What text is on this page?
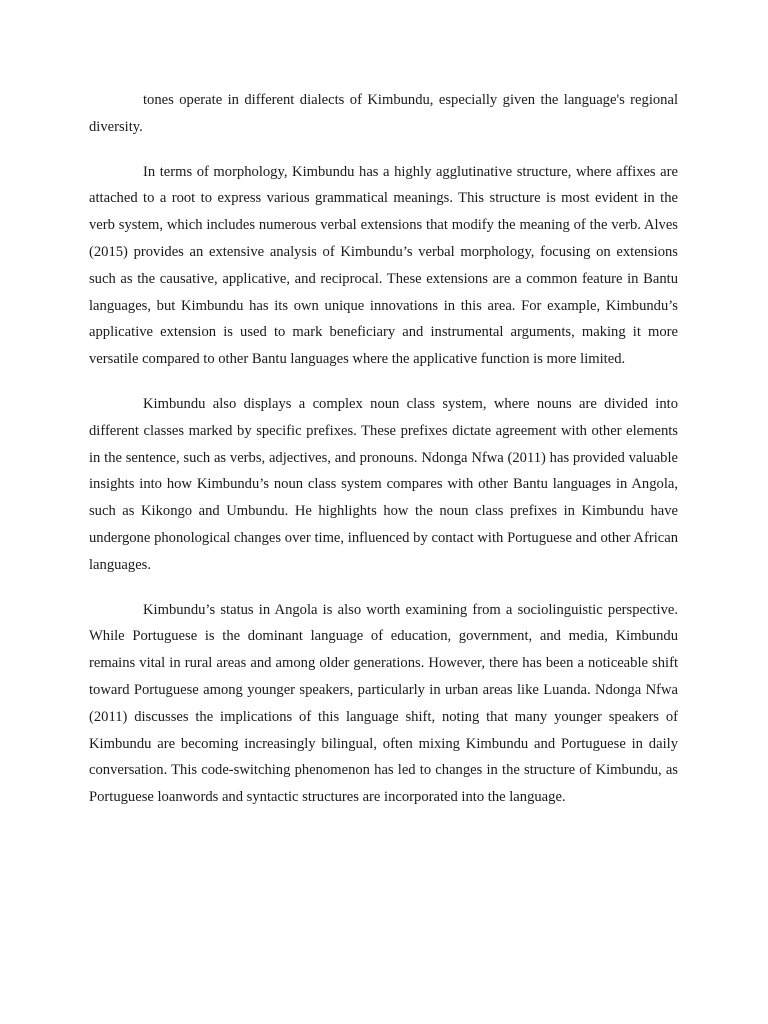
tones operate in different dialects of Kimbundu, especially given the language's regional diversity.

In terms of morphology, Kimbundu has a highly agglutinative structure, where affixes are attached to a root to express various grammatical meanings. This structure is most evident in the verb system, which includes numerous verbal extensions that modify the meaning of the verb. Alves (2015) provides an extensive analysis of Kimbundu’s verbal morphology, focusing on extensions such as the causative, applicative, and reciprocal. These extensions are a common feature in Bantu languages, but Kimbundu has its own unique innovations in this area. For example, Kimbundu’s applicative extension is used to mark beneficiary and instrumental arguments, making it more versatile compared to other Bantu languages where the applicative function is more limited.

Kimbundu also displays a complex noun class system, where nouns are divided into different classes marked by specific prefixes. These prefixes dictate agreement with other elements in the sentence, such as verbs, adjectives, and pronouns. Ndonga Nfwa (2011) has provided valuable insights into how Kimbundu’s noun class system compares with other Bantu languages in Angola, such as Kikongo and Umbundu. He highlights how the noun class prefixes in Kimbundu have undergone phonological changes over time, influenced by contact with Portuguese and other African languages.

Kimbundu’s status in Angola is also worth examining from a sociolinguistic perspective. While Portuguese is the dominant language of education, government, and media, Kimbundu remains vital in rural areas and among older generations. However, there has been a noticeable shift toward Portuguese among younger speakers, particularly in urban areas like Luanda. Ndonga Nfwa (2011) discusses the implications of this language shift, noting that many younger speakers of Kimbundu are becoming increasingly bilingual, often mixing Kimbundu and Portuguese in daily conversation. This code-switching phenomenon has led to changes in the structure of Kimbundu, as Portuguese loanwords and syntactic structures are incorporated into the language.
